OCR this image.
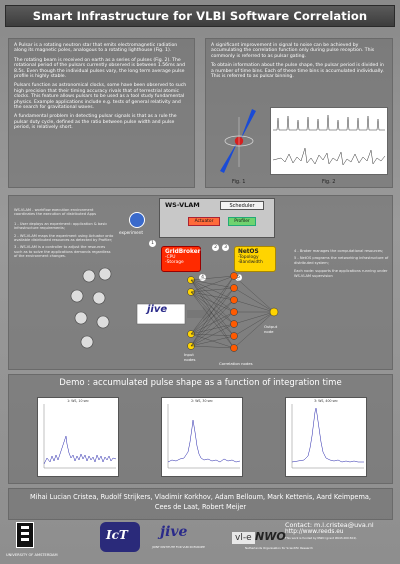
Smart Infrastructure for VLBI Software Correlation

A Pulsar is a rotating neutron star that emits electromagnetic radiation along its magnetic poles, analogous to a rotating lighthouse (Fig. 1).

The rotating beam is received on earth as a series of pulses (Fig. 2). The rotational period of the pulsars currently observed is between 1.56ms and 8.5s. Even though the individual pulses vary, the long term average pulse profile is highly stable.

Pulsars function as astronomical clocks, some have been observed to such high precision that their timing accuracy rivals that of terrestrial atomic clocks. This feature allows pulsars to be used as a tool study fundamental physics. Example applications include e.g. tests of general relativity and the search for gravitational waves.

A fundamental problem in detecting pulsar signals is that as a rule the pulsar duty cycle, defined as the ratio between pulse width and pulse period, is relatively short.

A significant improvement in signal to noise can be achieved by accumulating the correlation function only during pulse reception. This commonly is referred to as pulsar gating.

To obtain information about the pulse shape, the pulsar period is divided in a number of time bins. Each of these time bins is accumulated individually. This is referred to as pulsar binning.

Fig. 1	Fig. 2

WS-VLAM - workflow execution environment coordinates the execution of distributed Apps

1 - User deploys an experiment: application & basic infrastructure requirements;

2 - WS-VLAM maps the experiment using Actuator onto available distributed resources as detected by Profiler;

3 - WS-VLAM is a controller to adjust the resources such as to solve the applications demands regardless of the environment changes.

4 - Broker manages the computational resources;

5 - NetOS programs the networking infrastructure of distributed system;

Each node: supports the applications running under WS-VLAM supervision

WS-VLAM	Scheduler
Actuator	Profiler
experiment
GridBroker
-CPU
-Storage
NetOS
-Topology
-Bandwidth
1
2	3
4	5
jive
Input
nodes
Correlation nodes
Output
node
Demo : accumulated pulse shape as a function of integration time
1: WS, 10 sec	2: WS, 30 sec	3: WS, 400 sec
Mihai Lucian Cristea, Rudolf Strijkers, Vladimir Korkhov, Adam Belloum, Mark Kettenis, Aard Keimpema,
Cees de Laat, Robert Meijer
UNIVERSITY OF AMSTERDAM
IcT jive
JOINT INSTITUTE FOR VLBI IN EUROPE
vl-e NWO
Netherlands Organisation for Scientific Research
Contact: m.l.cristea@uva.nl
http://www.reeds.eu
This work is funded by NWO (grant #643.200.504).
